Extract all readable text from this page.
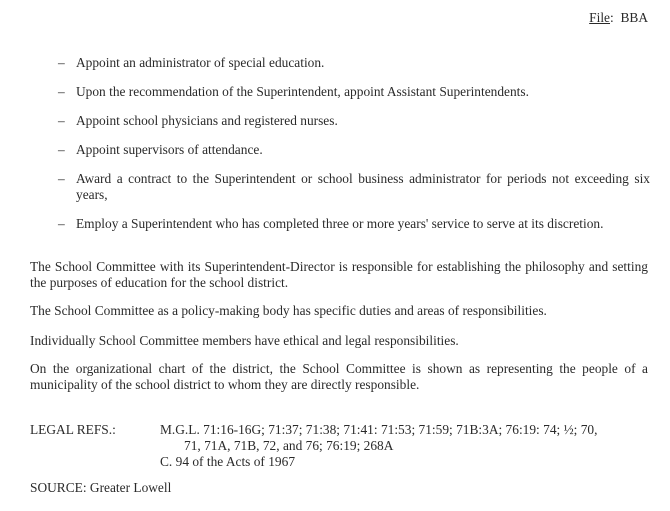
File: BBA
– Appoint an administrator of special education.
– Upon the recommendation of the Superintendent, appoint Assistant Superintendents.
– Appoint school physicians and registered nurses.
– Appoint supervisors of attendance.
– Award a contract to the Superintendent or school business administrator for periods not exceeding six years,
– Employ a Superintendent who has completed three or more years' service to serve at its discretion.

The School Committee with its Superintendent-Director is responsible for establishing the philosophy and setting the purposes of education for the school district.

The School Committee as a policy-making body has specific duties and areas of responsibilities.

Individually School Committee members have ethical and legal responsibilities.

On the organizational chart of the district, the School Committee is shown as representing the people of a municipality of the school district to whom they are directly responsible.

LEGAL REFS.:	M.G.L. 71:16-16G; 71:37; 71:38; 71:41: 71:53; 71:59; 71B:3A; 76:19: 74; ½; 70,
71, 71A, 71B, 72, and 76; 76:19; 268A
C. 94 of the Acts of 1967
SOURCE: Greater Lowell
